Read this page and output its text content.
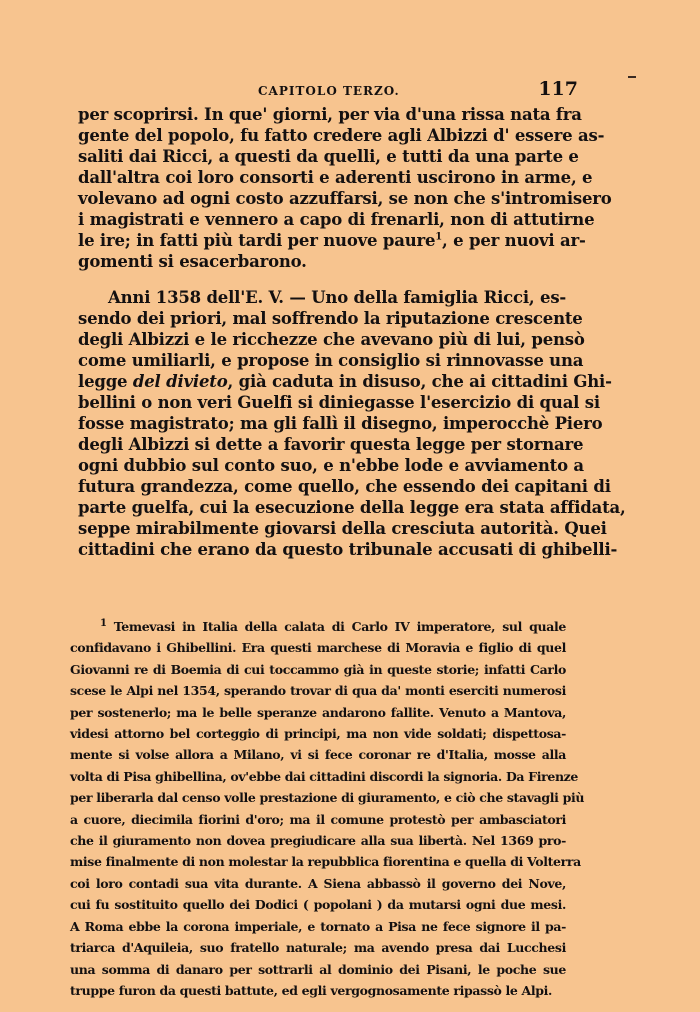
CAPITOLO TERZO.	117
per scoprirsi. In que' giorni, per via d'una rissa nata fra
gente del popolo, fu fatto credere agli Albizzi d' essere as-
saliti dai Ricci, a questi da quelli, e tutti da una parte e
dall'altra coi loro consorti e aderenti uscirono in arme, e
volevano ad ogni costo azzuffarsi, se non che s'intromisero
i magistrati e vennero a capo di frenarli, non di attutirne
le ire; in fatti più tardi per nuove paure$^1$, e per nuovi ar-
gomenti si esacerbarono.
Anni 1358 dell'E. V. — Uno della famiglia Ricci, es-
sendo dei priori, mal soffrendo la riputazione crescente
degli Albizzi e le ricchezze che avevano più di lui, pensò
come umiliarli, e propose in consiglio si rinnovasse una
legge del divieto, già caduta in disuso, che ai cittadini Ghi-
bellini o non veri Guelfi si diniegasse l'esercizio di qual si
fosse magistrato; ma gli fallì il disegno, imperocchè Piero
degli Albizzi si dette a favorir questa legge per stornare
ogni dubbio sul conto suo, e n'ebbe lode e avviamento a
futura grandezza, come quello, che essendo dei capitani di
parte guelfa, cui la esecuzione della legge era stata affidata,
seppe mirabilmente giovarsi della cresciuta autorità. Quei
cittadini che erano da questo tribunale accusati di ghibelli-
$^1$ Temevasi in Italia della calata di Carlo IV imperatore, sul quale
confidavano i Ghibellini. Era questi marchese di Moravia e figlio di quel
Giovanni re di Boemia di cui toccammo già in queste storie; infatti Carlo
scese le Alpi nel 1354, sperando trovar di qua da' monti eserciti numerosi
per sostenerlo; ma le belle speranze andarono fallite. Venuto a Mantova,
videsi attorno bel corteggio di principi, ma non vide soldati; dispettosa-
mente si volse allora a Milano, vi si fece coronar re d'Italia, mosse alla
volta di Pisa ghibellina, ov'ebbe dai cittadini discordi la signoria. Da Firenze
per liberarla dal censo volle prestazione di giuramento, e ciò che stavagli più
a cuore, diecimila fiorini d'oro; ma il comune protestò per ambasciatori
che il giuramento non dovea pregiudicare alla sua libertà. Nel 1369 pro-
mise finalmente di non molestar la repubblica fiorentina e quella di Volterra
coi loro contadi sua vita durante. A Siena abbassò il governo dei Nove,
cui fu sostituito quello dei Dodici ( popolani ) da mutarsi ogni due mesi.
A Roma ebbe la corona imperiale, e tornato a Pisa ne fece signore il pa-
triarca d'Aquileia, suo fratello naturale; ma avendo presa dai Lucchesi
una somma di danaro per sottrarli al dominio dei Pisani, le poche sue
truppe furon da questi battute, ed egli vergognosamente ripassò le Alpi.
